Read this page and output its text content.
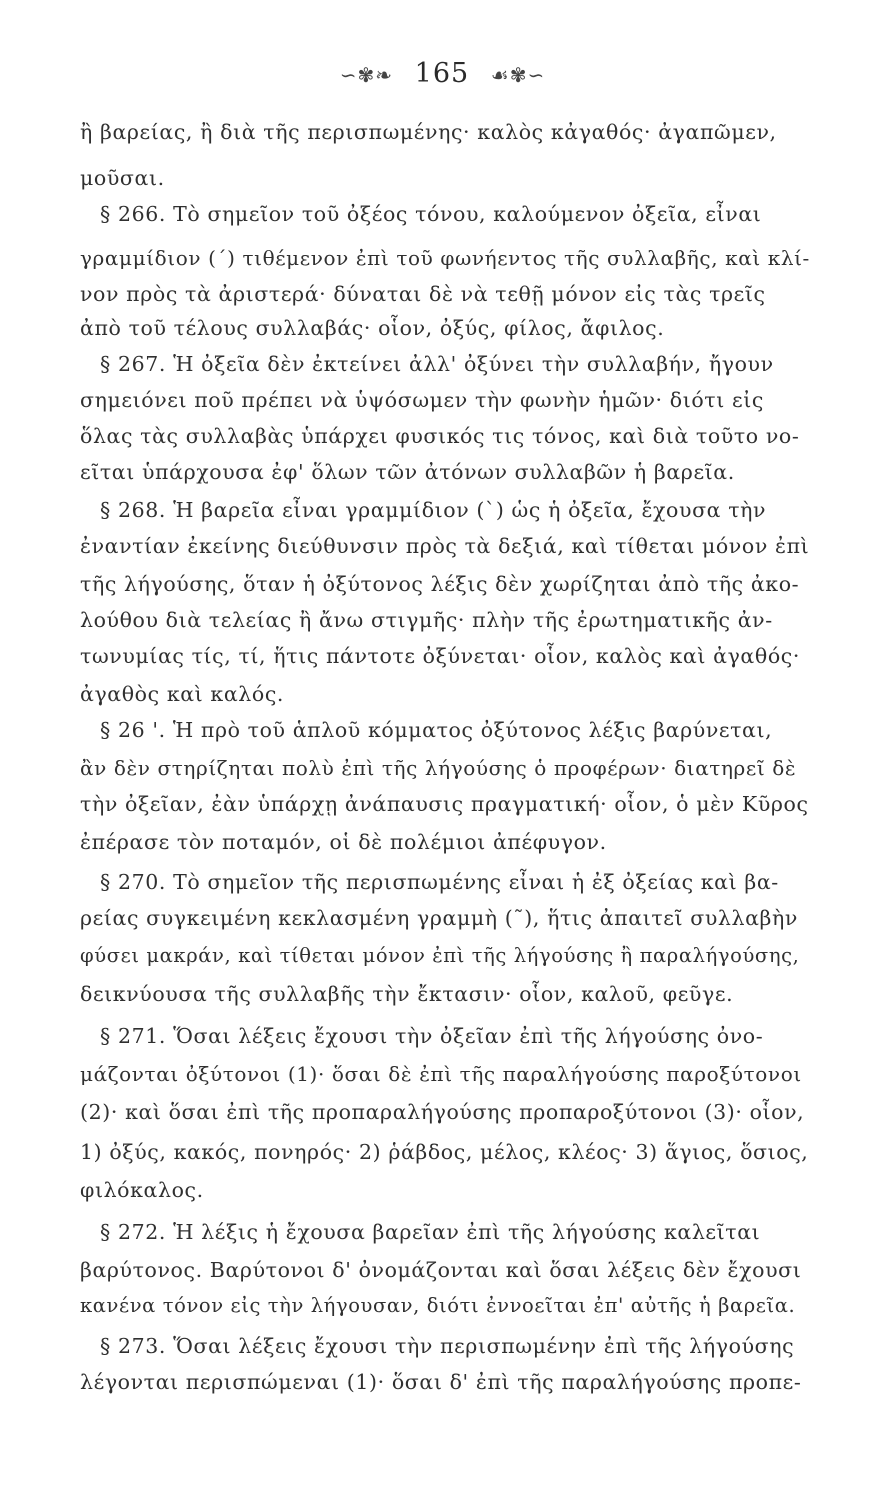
∽✾❧ 165 ☙✾∽
ἢ βαρείας, ἢ διὰ τῆς περισπωμένης· καλὸς κἀγαθός· ἀγαπῶμεν,
μοῦσαι.
§ 266. Τὸ σημεῖον τοῦ ὀξέος τόνου, καλούμενον ὀξεῖα, εἶναι
γραμμίδιον (΄) τιθέμενον ἐπὶ τοῦ φωνήεντος τῆς συλλαβῆς, καὶ κλί-
νον πρὸς τὰ ἀριστερά· δύναται δὲ νὰ τεθῇ μόνον εἰς τὰς τρεῖς
ἀπὸ τοῦ τέλους συλλαβάς· οἷον, ὀξύς, φίλος, ἄφιλος.
§ 267. Ἡ ὀξεῖα δὲν ἐκτείνει ἀλλ' ὀξύνει τὴν συλλαβήν, ἤγουν
σημειόνει ποῦ πρέπει νὰ ὑψόσωμεν τὴν φωνὴν ἡμῶν· διότι εἰς
ὅλας τὰς συλλαβὰς ὑπάρχει φυσικός τις τόνος, καὶ διὰ τοῦτο νο-
εῖται ὑπάρχουσα ἐφ' ὅλων τῶν ἀτόνων συλλαβῶν ἡ βαρεῖα.
§ 268. Ἡ βαρεῖα εἶναι γραμμίδιον (`) ὡς ἡ ὀξεῖα, ἔχουσα τὴν
ἐναντίαν ἐκείνης διεύθυνσιν πρὸς τὰ δεξιά, καὶ τίθεται μόνον ἐπὶ
τῆς λήγούσης, ὅταν ἡ ὀξύτονος λέξις δὲν χωρίζηται ἀπὸ τῆς ἀκο-
λούθου διὰ τελείας ἢ ἄνω στιγμῆς· πλὴν τῆς ἐρωτηματικῆς ἀν-
τωνυμίας τίς, τί, ἥτις πάντοτε ὀξύνεται· οἷον, καλὸς καὶ ἀγαθός·
ἀγαθὸς καὶ καλός.
§ 26 '. Ἡ πρὸ τοῦ ἁπλοῦ κόμματος ὀξύτονος λέξις βαρύνεται,
ἂν δὲν στηρίζηται πολὺ ἐπὶ τῆς λήγούσης ὁ προφέρων· διατηρεῖ δὲ
τὴν ὀξεῖαν, ἐὰν ὑπάρχῃ ἀνάπαυσις πραγματική· οἷον, ὁ μὲν Κῦρος
ἐπέρασε τὸν ποταμόν, οἱ δὲ πολέμιοι ἀπέφυγον.
§ 270. Τὸ σημεῖον τῆς περισπωμένης εἶναι ἡ ἐξ ὀξείας καὶ βα-
ρείας συγκειμένη κεκλασμένη γραμμὴ (῀), ἥτις ἀπαιτεῖ συλλαβὴν
φύσει μακράν, καὶ τίθεται μόνον ἐπὶ τῆς λήγούσης ἢ παραλήγούσης,
δεικνύουσα τῆς συλλαβῆς τὴν ἔκτασιν· οἷον, καλοῦ, φεῦγε.
§ 271. Ὅσαι λέξεις ἔχουσι τὴν ὀξεῖαν ἐπὶ τῆς λήγούσης ὀνο-
μάζονται ὀξύτονοι (1)· ὅσαι δὲ ἐπὶ τῆς παραλήγούσης παροξύτονοι
(2)· καὶ ὅσαι ἐπὶ τῆς προπαραλήγούσης προπαροξύτονοι (3)· οἷον,
1) ὀξύς, κακός, πονηρός· 2) ῥάβδος, μέλος, κλέος· 3) ἅγιος, ὅσιος,
φιλόκαλος.
§ 272. Ἡ λέξις ἡ ἔχουσα βαρεῖαν ἐπὶ τῆς λήγούσης καλεῖται
βαρύτονος. Βαρύτονοι δ' ὀνομάζονται καὶ ὅσαι λέξεις δὲν ἔχουσι
κανένα τόνον εἰς τὴν λήγουσαν, διότι ἐννοεῖται ἐπ' αὐτῆς ἡ βαρεῖα.
§ 273. Ὅσαι λέξεις ἔχουσι τὴν περισπωμένην ἐπὶ τῆς λήγούσης
λέγονται περισπώμεναι (1)· ὅσαι δ' ἐπὶ τῆς παραλήγούσης προπε-
